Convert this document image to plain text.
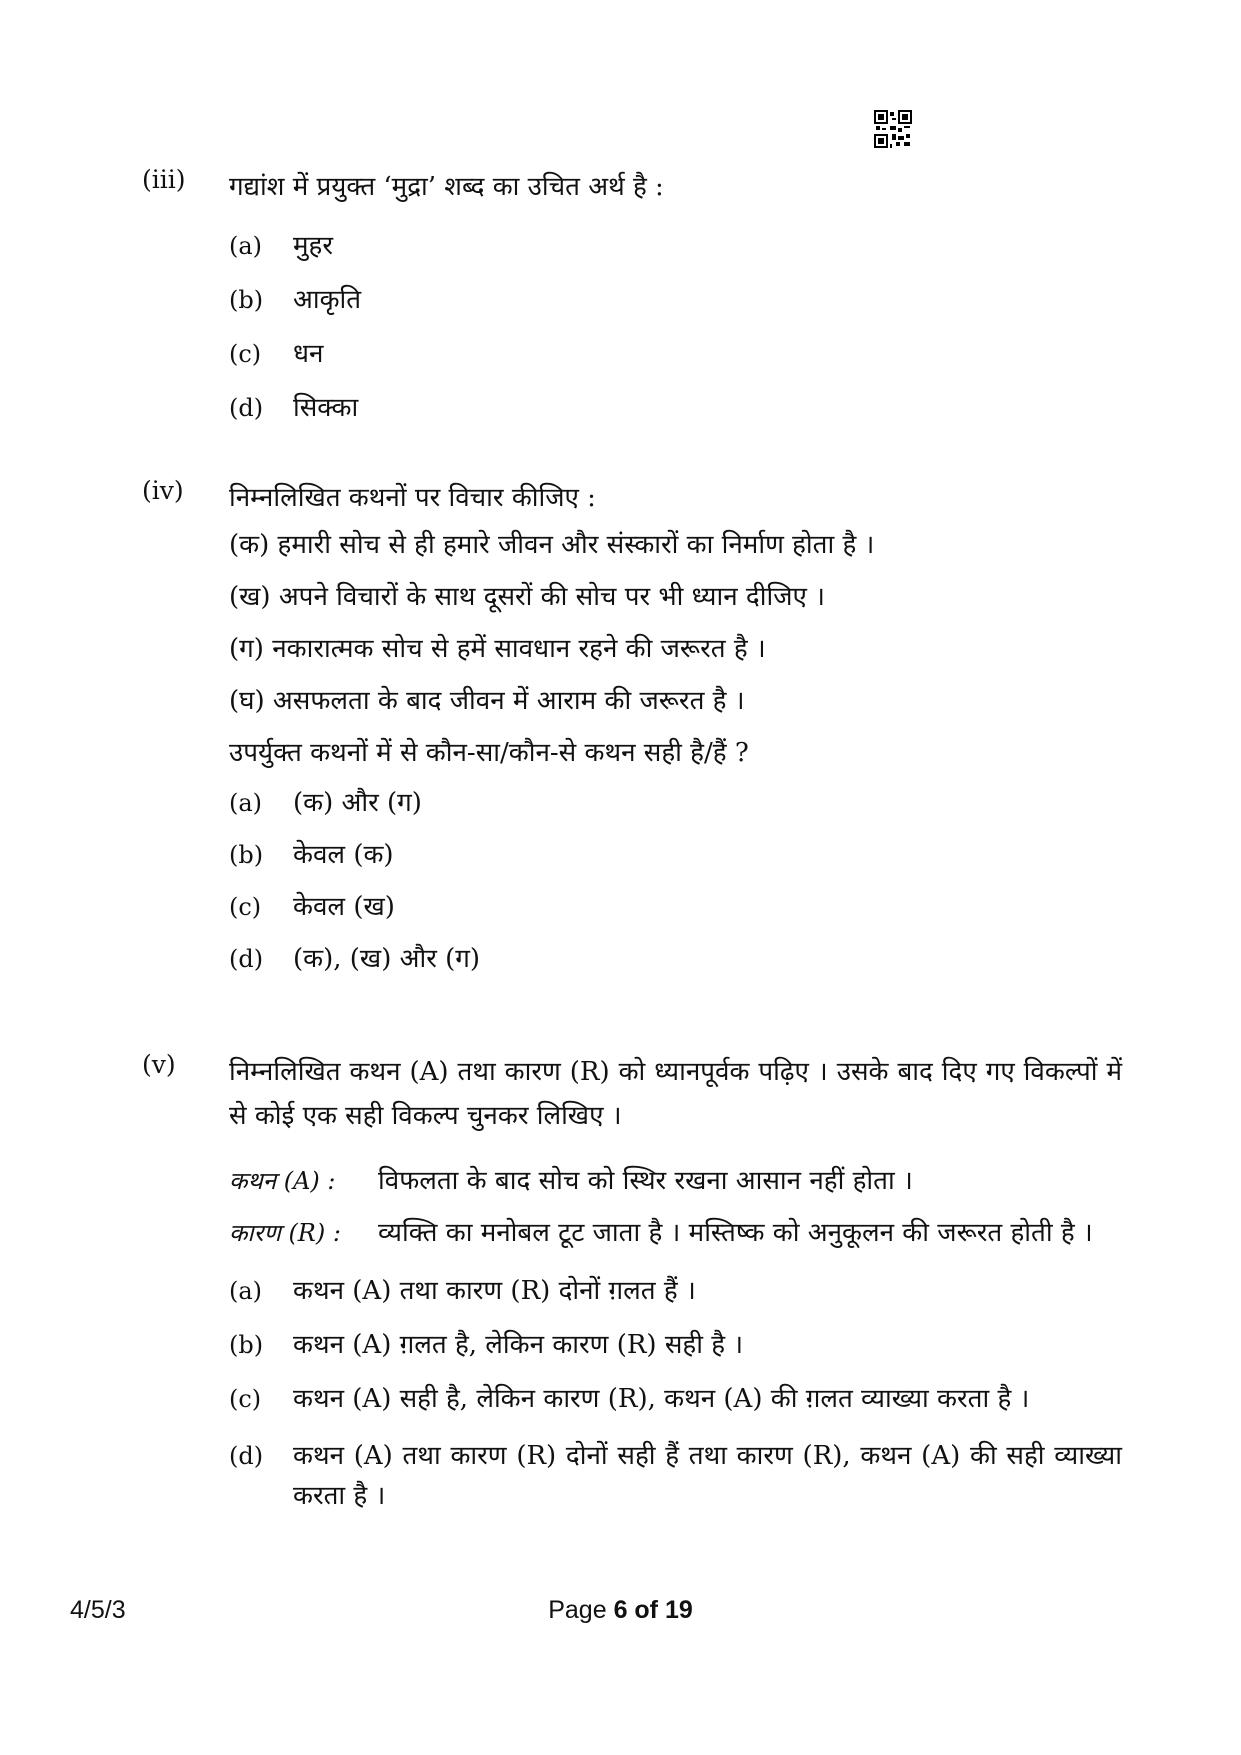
(iii) गद्यांश में प्रयुक्त ‘मुद्रा’ शब्द का उचित अर्थ है :
(a)	मुहर
(b)	आकृति
(c)	धन
(d)	सिक्का
(iv) निम्नलिखित कथनों पर विचार कीजिए :
(क) हमारी सोच से ही हमारे जीवन और संस्कारों का निर्माण होता है ।
(ख) अपने विचारों के साथ दूसरों की सोच पर भी ध्यान दीजिए ।
(ग) नकारात्मक सोच से हमें सावधान रहने की जरूरत है ।
(घ) असफलता के बाद जीवन में आराम की जरूरत है ।
उपर्युक्त कथनों में से कौन-सा/कौन-से कथन सही है/हैं ?
(a)	(क) और (ग)
(b)	केवल (क)
(c)	केवल (ख)
(d)	(क), (ख) और (ग)
(v) निम्नलिखित कथन (A) तथा कारण (R) को ध्यानपूर्वक पढ़िए । उसके बाद दिए गए विकल्पों में से कोई एक सही विकल्प चुनकर लिखिए ।
कथन (A) :	विफलता के बाद सोच को स्थिर रखना आसान नहीं होता ।
कारण (R) :	व्यक्ति का मनोबल टूट जाता है । मस्तिष्क को अनुकूलन की जरूरत होती है ।
(a)	कथन (A) तथा कारण (R) दोनों ग़लत हैं ।
(b)	कथन (A) ग़लत है, लेकिन कारण (R) सही है ।
(c)	कथन (A) सही है, लेकिन कारण (R), कथन (A) की ग़लत व्याख्या करता है ।
(d)	कथन (A) तथा कारण (R) दोनों सही हैं तथा कारण (R), कथन (A) की सही व्याख्या करता है ।
4/5/3	Page 6 of 19
